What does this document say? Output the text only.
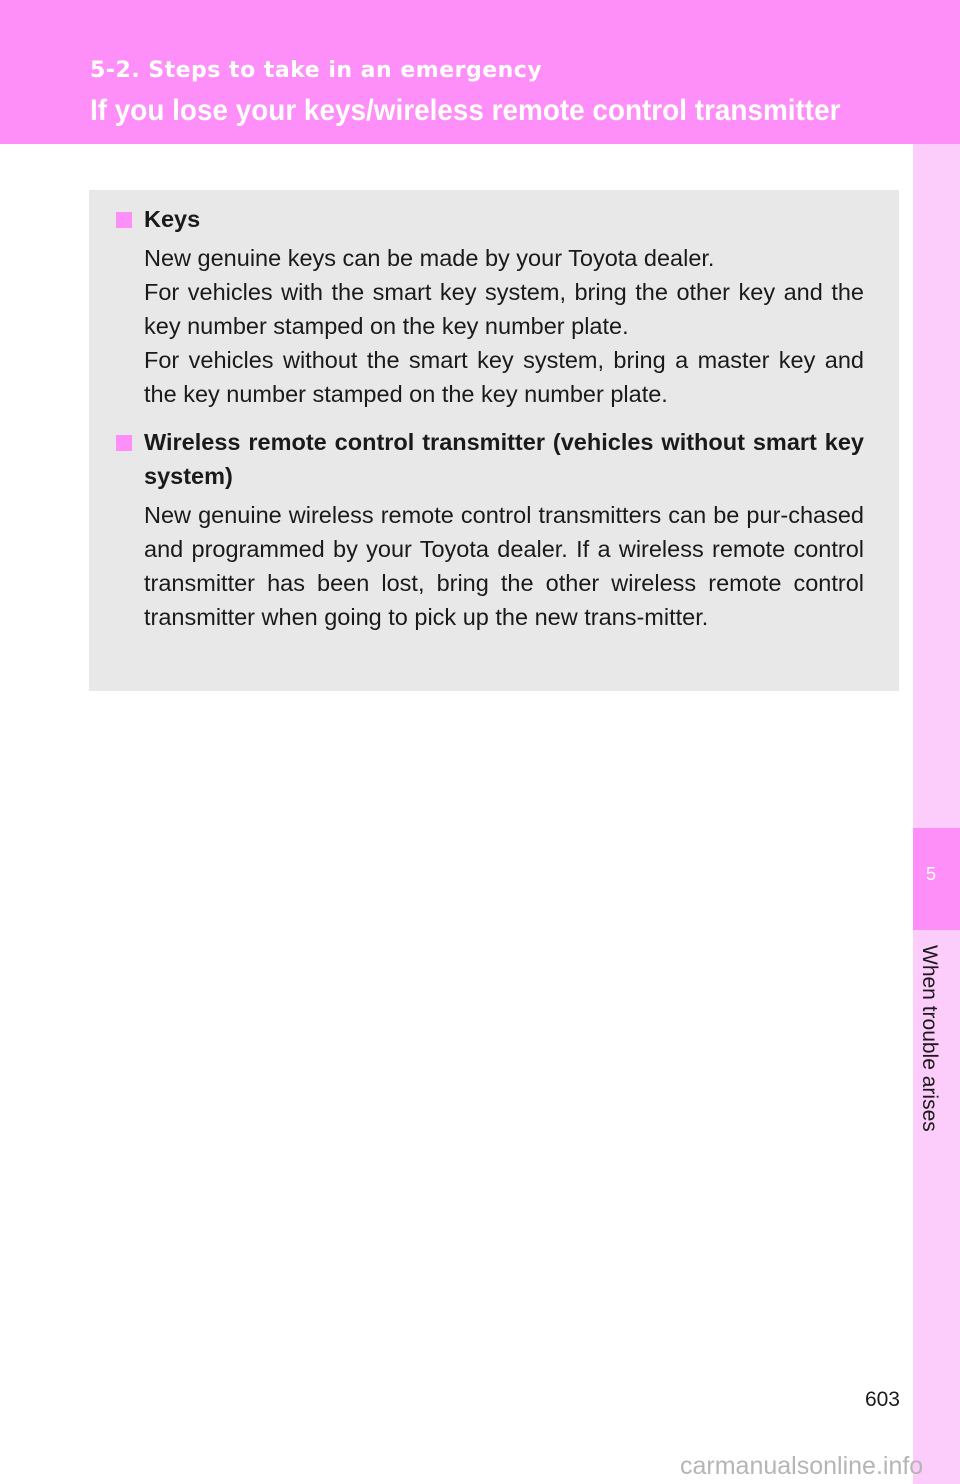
5-2. Steps to take in an emergency
If you lose your keys/wireless remote control transmitter
5
When trouble arises
Keys

New genuine keys can be made by your Toyota dealer.

For vehicles with the smart key system, bring the other key and the key number stamped on the key number plate.

For vehicles without the smart key system, bring a master key and the key number stamped on the key number plate.

Wireless remote control transmitter (vehicles without smart key system)

New genuine wireless remote control transmitters can be pur-chased and programmed by your Toyota dealer. If a wireless remote control transmitter has been lost, bring the other wireless remote control transmitter when going to pick up the new trans-mitter.

603
carmanualsonline.info
